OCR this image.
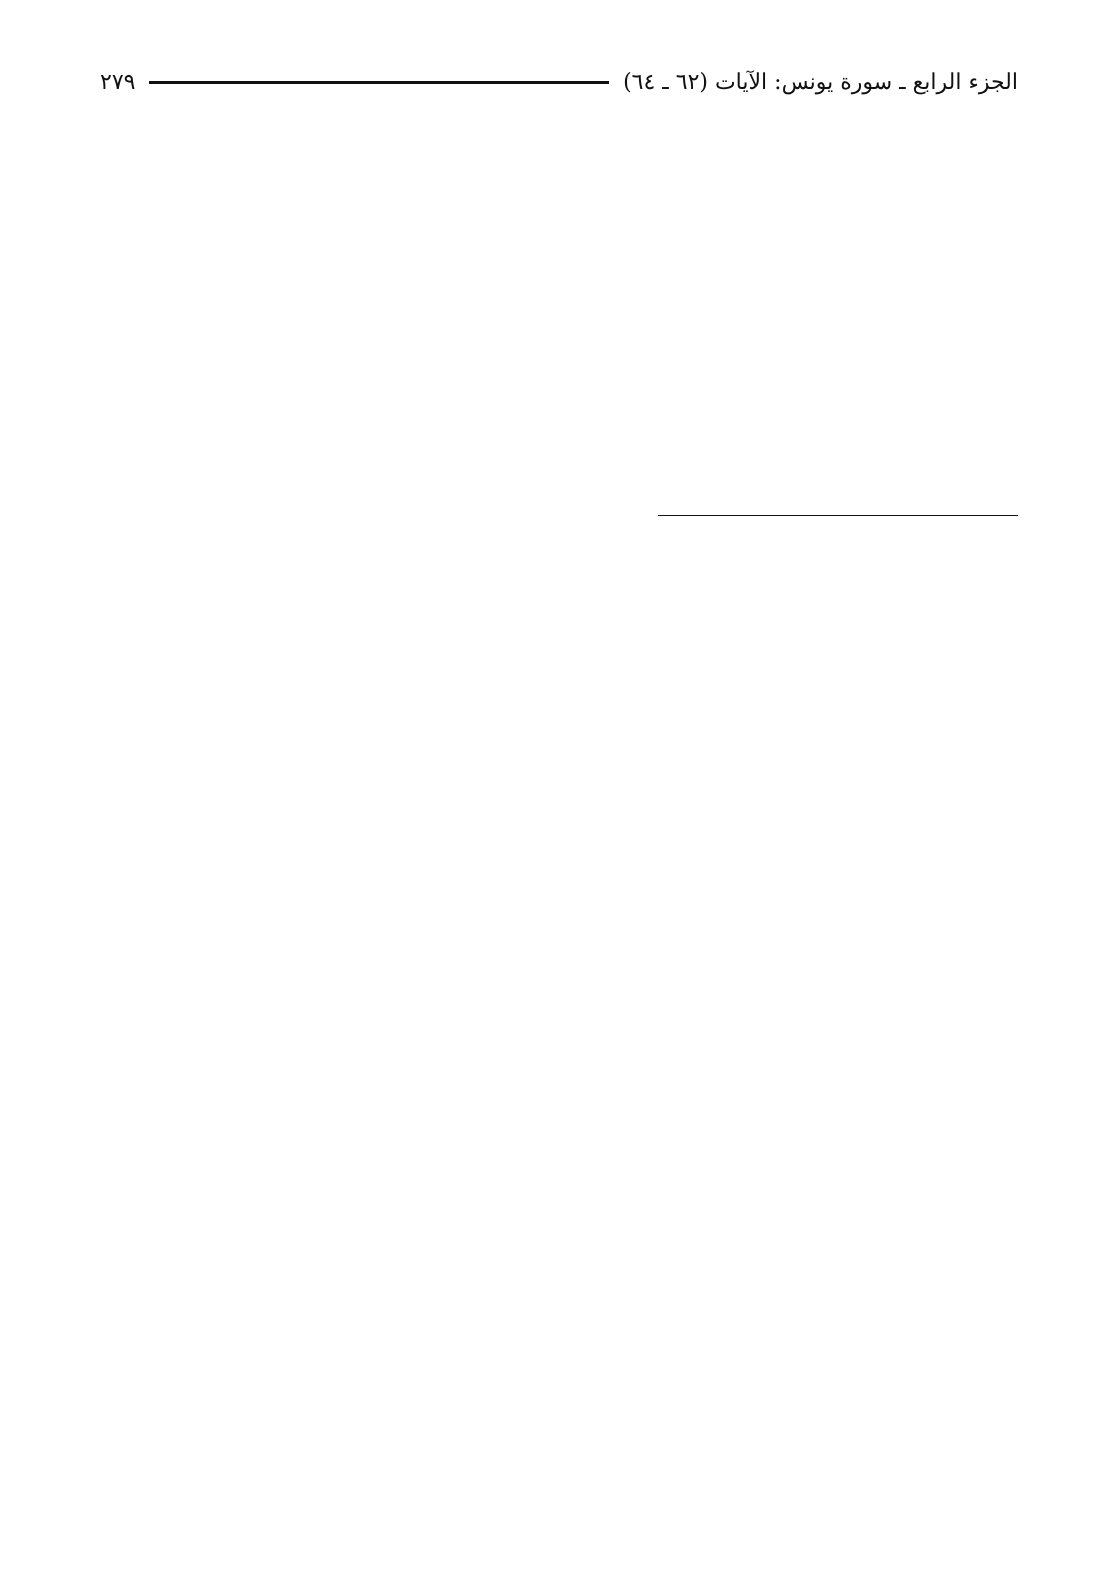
الجزء الرابع ـ سورة يونس: الآيات (٦٢ ـ ٦٤)
٢٧٩
